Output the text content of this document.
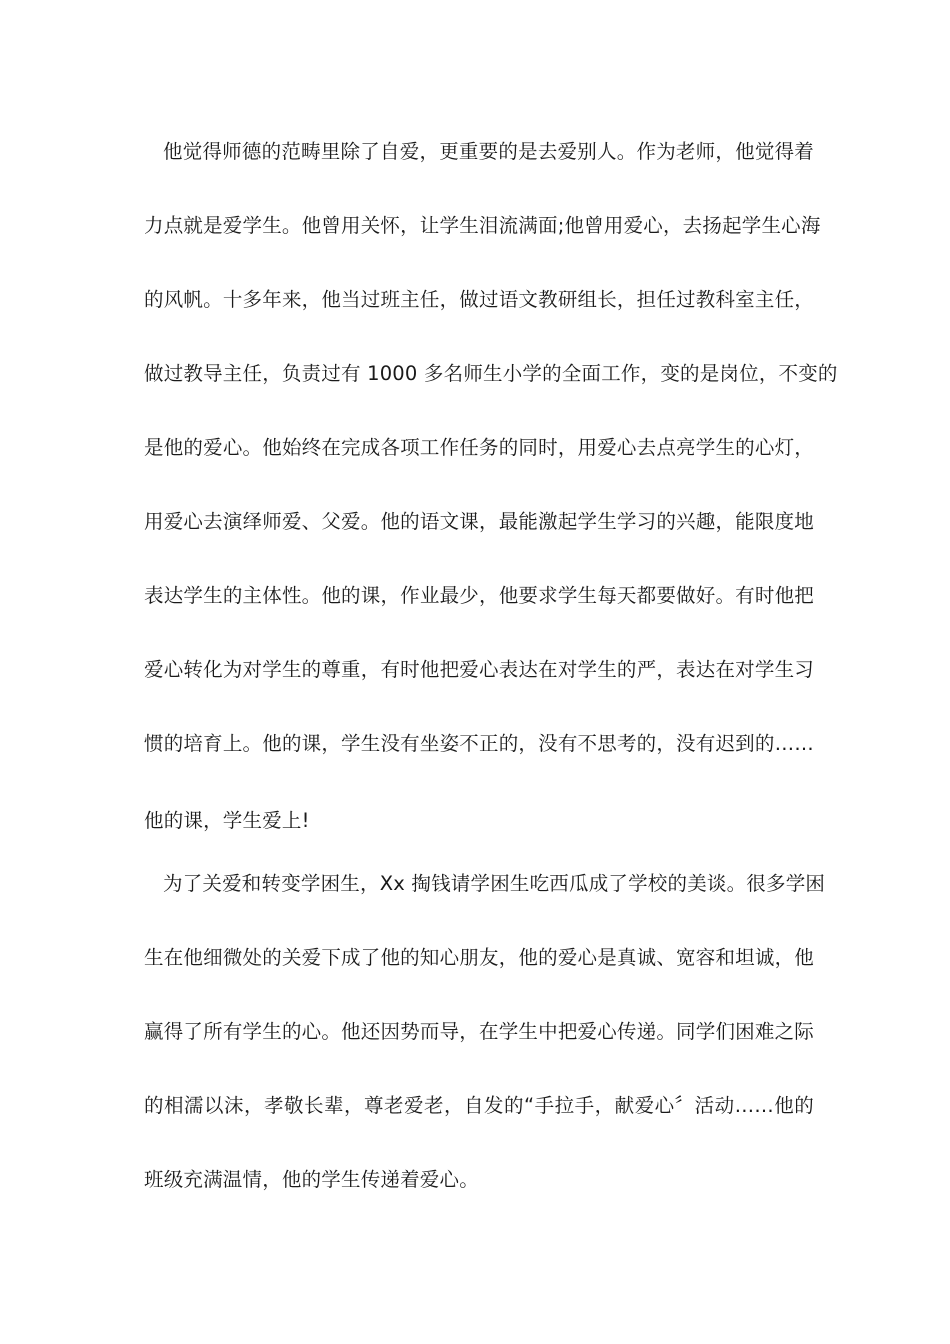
他觉得师德的范畴里除了自爱，更重要的是去爱别人。作为老师，他觉得着
力点就是爱学生。他曾用关怀，让学生泪流满面;他曾用爱心，去扬起学生心海
的风帆。十多年来，他当过班主任，做过语文教研组长，担任过教科室主任，
做过教导主任，负责过有 1000 多名师生小学的全面工作，变的是岗位，不变的
是他的爱心。他始终在完成各项工作任务的同时，用爱心去点亮学生的心灯，
用爱心去演绎师爱、父爱。他的语文课，最能激起学生学习的兴趣，能限度地
表达学生的主体性。他的课，作业最少，他要求学生每天都要做好。有时他把
爱心转化为对学生的尊重，有时他把爱心表达在对学生的严，表达在对学生习
惯的培育上。他的课，学生没有坐姿不正的，没有不思考的，没有迟到的……
他的课，学生爱上!
为了关爱和转变学困生，Xx 掏钱请学困生吃西瓜成了学校的美谈。很多学困
生在他细微处的关爱下成了他的知心朋友，他的爱心是真诚、宽容和坦诚，他
赢得了所有学生的心。他还因势而导，在学生中把爱心传递。同学们困难之际
的相濡以沫，孝敬长辈，尊老爱老，自发的“手拉手，献爱心〞活动……他的
班级充满温情，他的学生传递着爱心。
